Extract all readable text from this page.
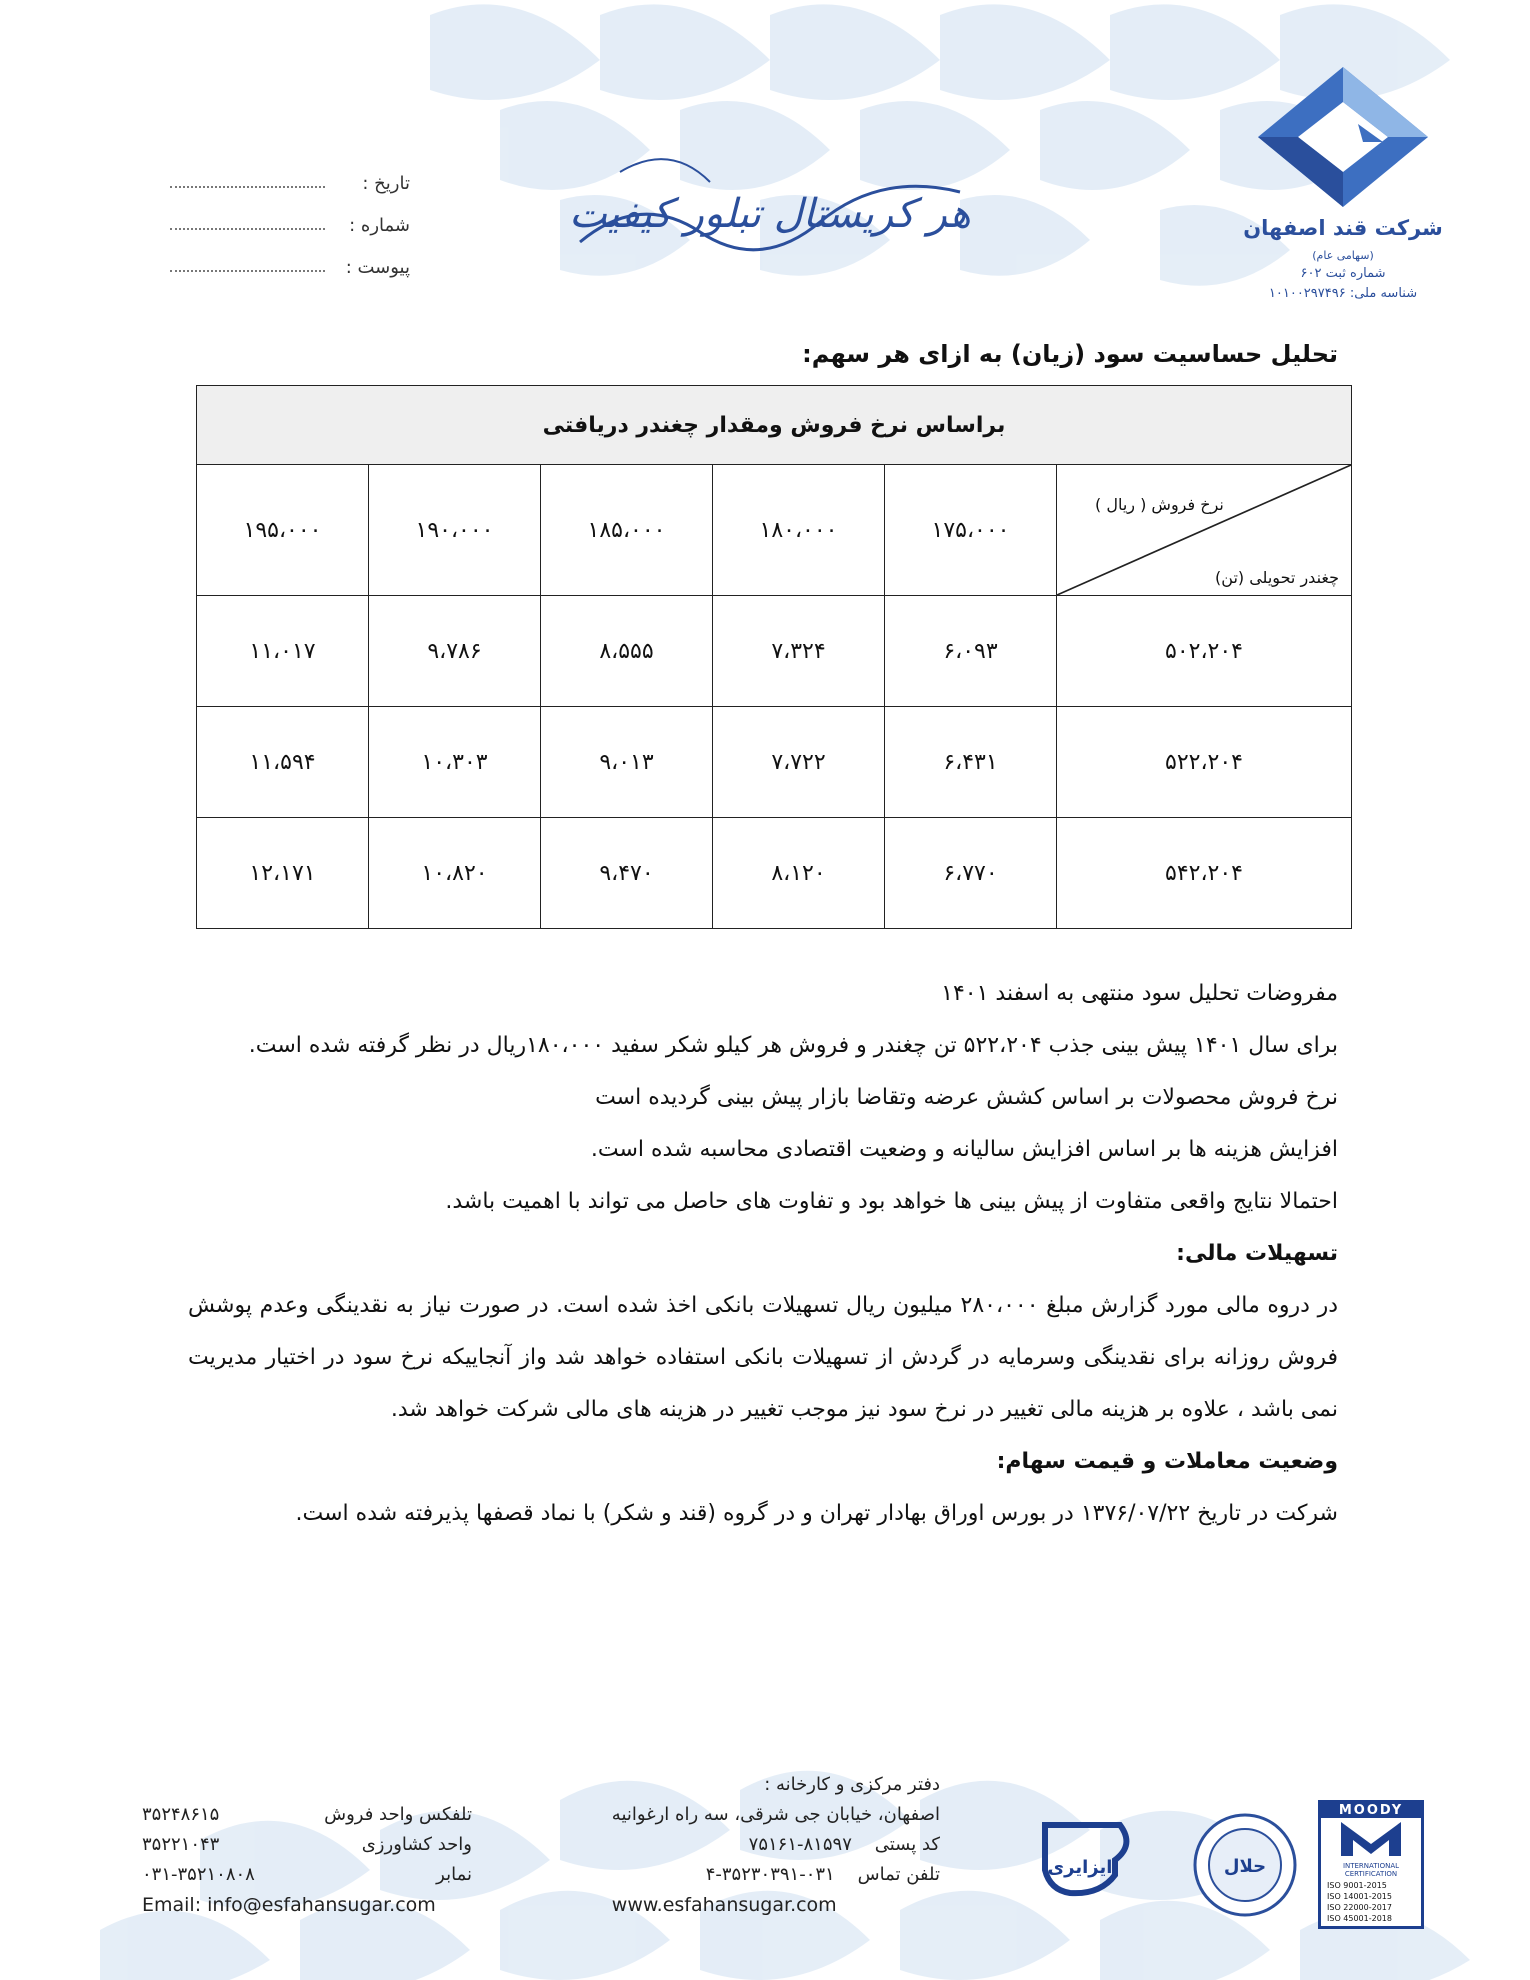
شرکت قند اصفهان (سهامی عام)
شماره ثبت ۶۰۲
شناسه ملی: ۱۰۱۰۰۲۹۷۴۹۶
هر کریستال تبلور کیفیت
تاریخ :
شماره :
پیوست :
تحلیل حساسیت سود (زیان) به ازای هر سهم:
براساس نرخ فروش ومقدار چغندر دریافتی					

نرخ فروش ( ریال )
چغندر تحویلی (تن)	۱۷۵،۰۰۰	۱۸۰،۰۰۰	۱۸۵،۰۰۰	۱۹۰،۰۰۰	۱۹۵،۰۰۰
۵۰۲،۲۰۴	۶،۰۹۳	۷،۳۲۴	۸،۵۵۵	۹،۷۸۶	۱۱،۰۱۷
۵۲۲،۲۰۴	۶،۴۳۱	۷،۷۲۲	۹،۰۱۳	۱۰،۳۰۳	۱۱،۵۹۴
۵۴۲،۲۰۴	۶،۷۷۰	۸،۱۲۰	۹،۴۷۰	۱۰،۸۲۰	۱۲،۱۷۱

مفروضات تحلیل سود منتهی به اسفند ۱۴۰۱

برای سال ۱۴۰۱ پیش بینی جذب ۵۲۲،۲۰۴ تن چغندر و فروش هر کیلو شکر سفید ۱۸۰،۰۰۰ریال در نظر گرفته شده است.

نرخ فروش محصولات بر اساس کشش عرضه وتقاضا بازار پیش بینی گردیده است

افزایش هزینه ها بر اساس افزایش سالیانه و وضعیت اقتصادی محاسبه شده است.

احتمالا نتایج واقعی متفاوت از پیش بینی ها خواهد بود و تفاوت های حاصل می تواند با اهمیت باشد.

تسهیلات مالی:

در دروه مالی مورد گزارش مبلغ ۲۸۰،۰۰۰ میلیون ریال تسهیلات بانکی اخذ شده است. در صورت نیاز به نقدینگی وعدم پوشش فروش روزانه برای نقدینگی وسرمایه در گردش از تسهیلات بانکی استفاده خواهد شد واز آنجاییکه نرخ سود در اختیار مدیریت نمی باشد ، علاوه بر هزینه مالی تغییر در نرخ سود نیز موجب تغییر در هزینه های مالی شرکت خواهد شد.

وضعیت معاملات و قیمت سهام:

شرکت در تاریخ ۱۳۷۶/۰۷/۲۲ در بورس اوراق بهادار تهران و در گروه (قند و شکر) با نماد قصفها پذیرفته شده است.

دفتر مرکزی و کارخانه :
اصفهان، خیابان جی شرقی، سه راه ارغوانیه
کد پستی    ۸۱۵۹۷-۷۵۱۶۱
تلفن تماس    ۰۳۱-۳۵۲۳۰۳۹۱-۴
www.esfahansugar.com
تلفکس واحد فروش
۳۵۲۴۸۶۱۵
واحد کشاورزی
۳۵۲۲۱۰۴۳
نمابر
۰۳۱-۳۵۲۱۰۸۰۸
Email: info@esfahansugar.com
ایزایری	حلال
MOODY
INTERNATIONAL CERTIFICATION
ISO 9001-2015
ISO 14001-2015
ISO 22000-2017
ISO 45001-2018
